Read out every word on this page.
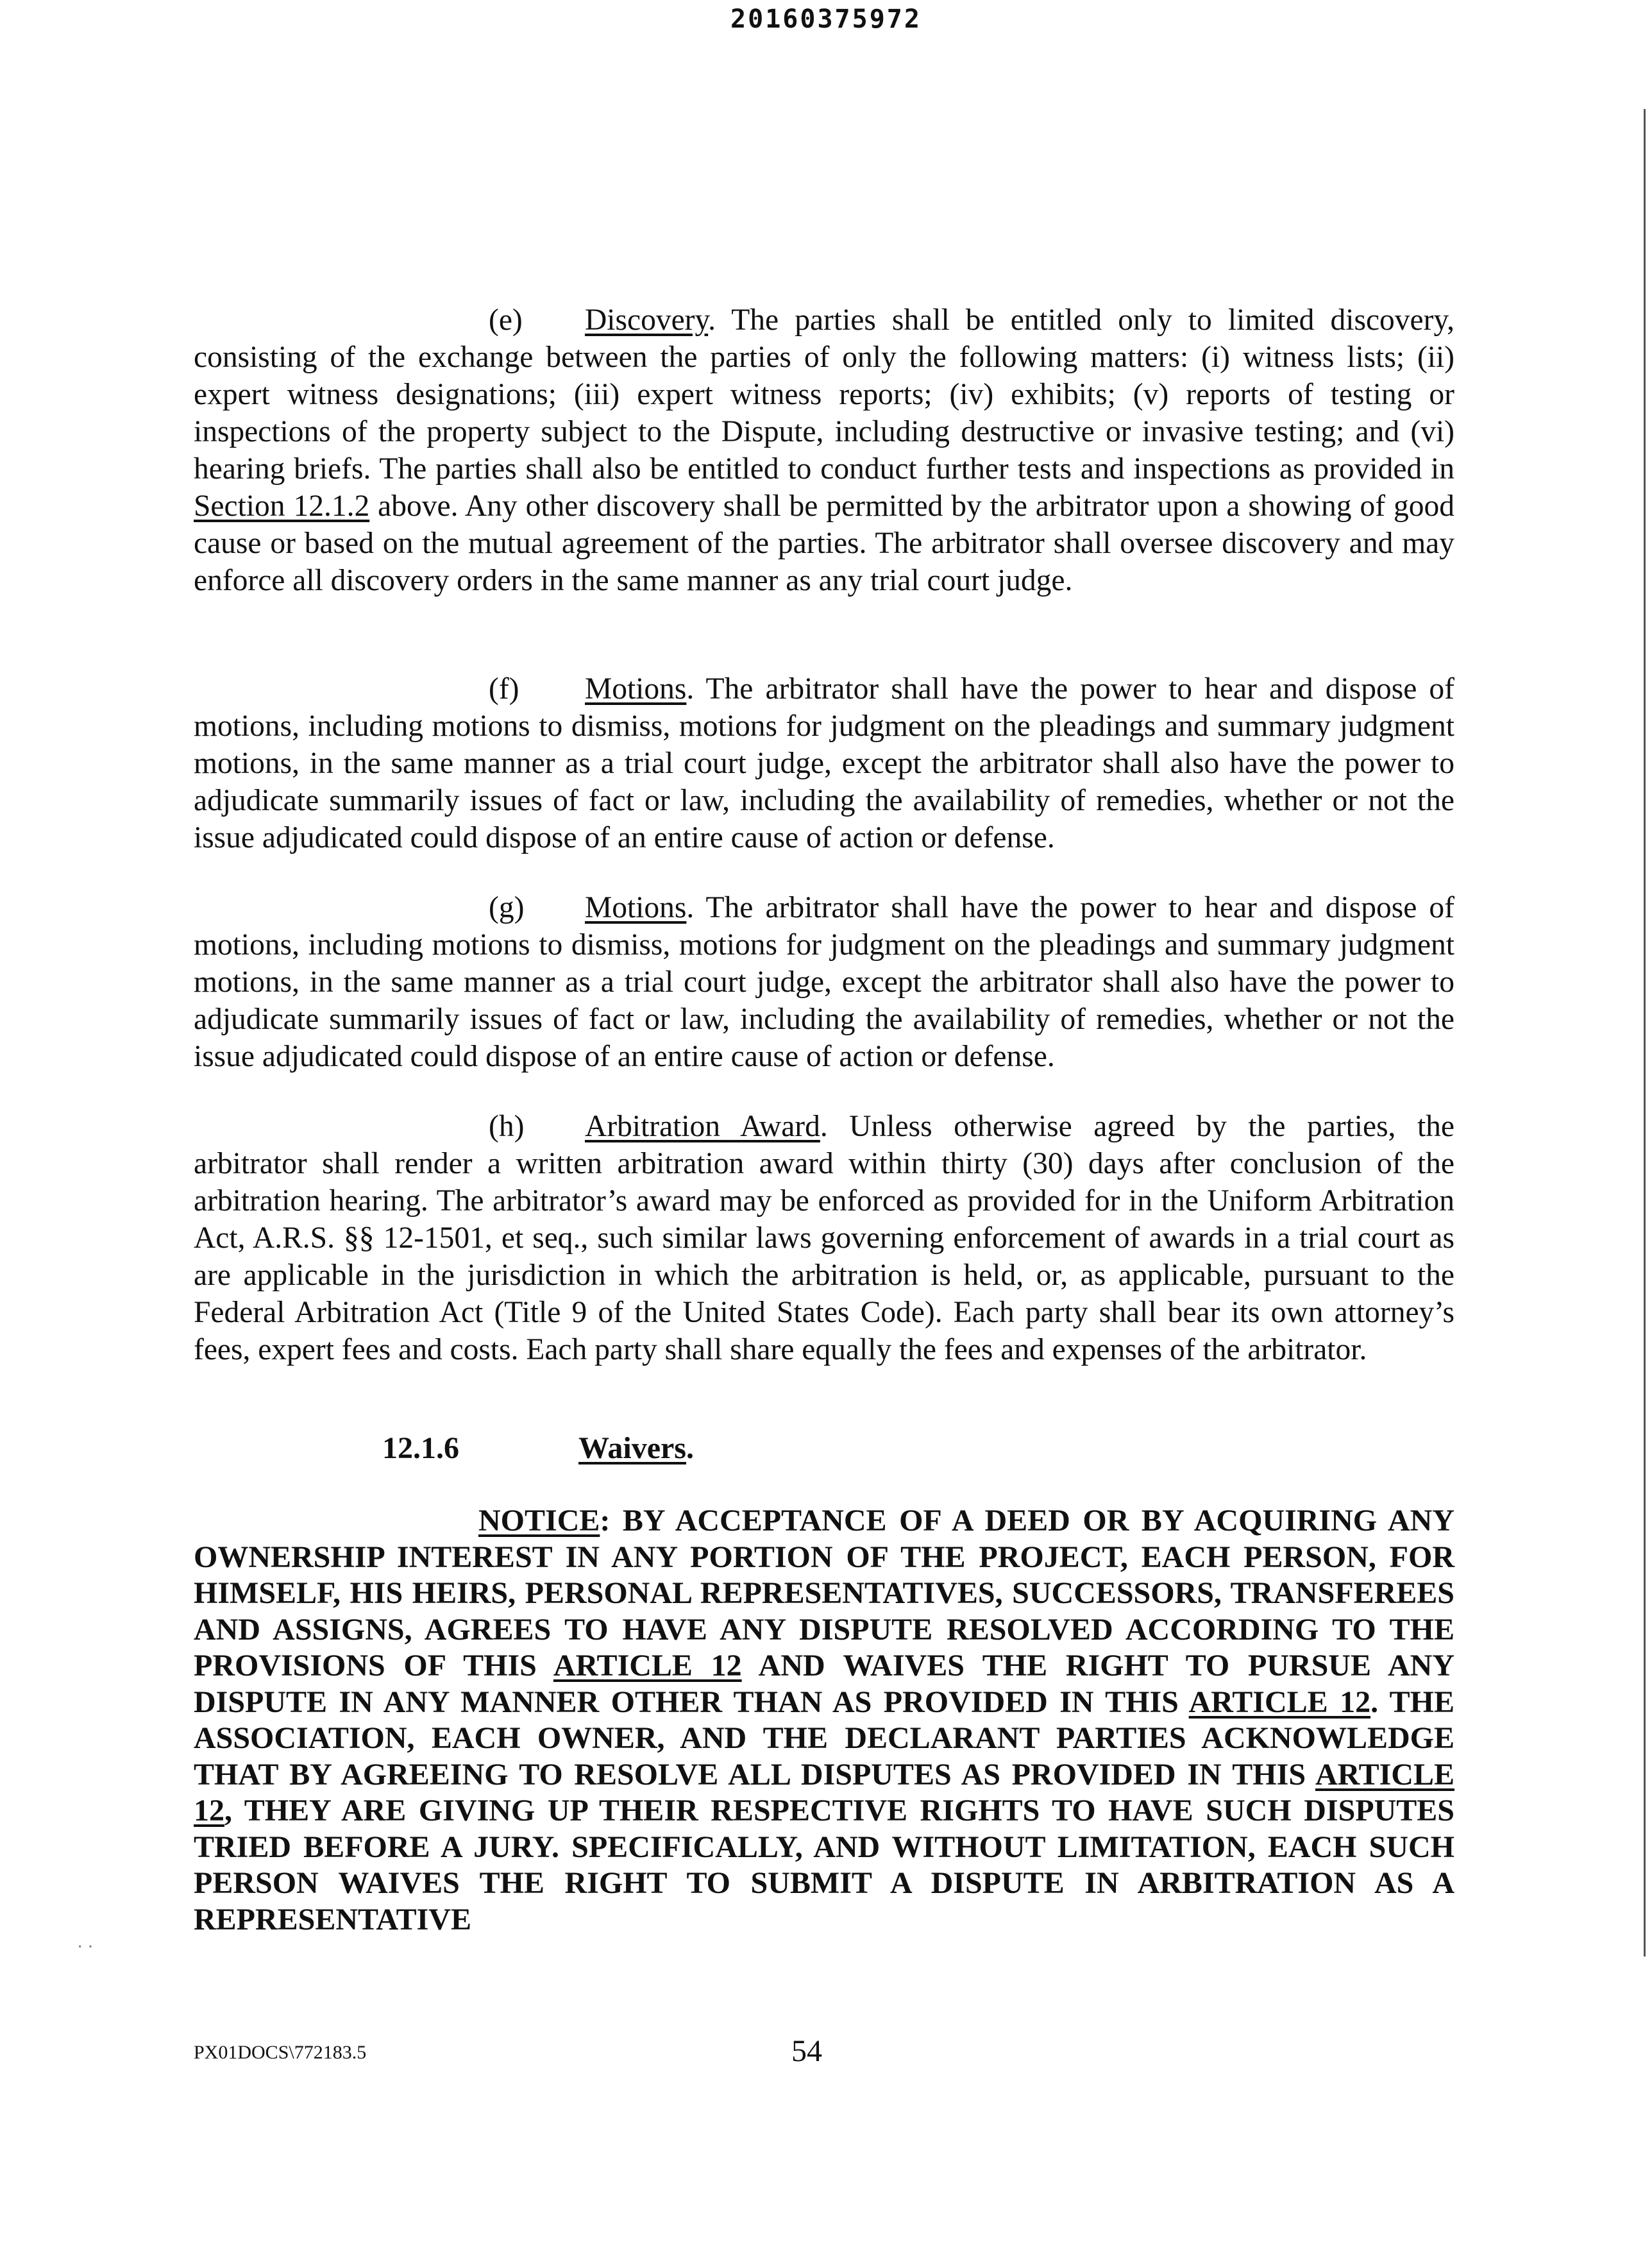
20160375972

(e) Discovery. The parties shall be entitled only to limited discovery, consisting of the exchange between the parties of only the following matters: (i) witness lists; (ii) expert witness designations; (iii) expert witness reports; (iv) exhibits; (v) reports of testing or inspections of the property subject to the Dispute, including destructive or invasive testing; and (vi) hearing briefs. The parties shall also be entitled to conduct further tests and inspections as provided in Section 12.1.2 above. Any other discovery shall be permitted by the arbitrator upon a showing of good cause or based on the mutual agreement of the parties. The arbitrator shall oversee discovery and may enforce all discovery orders in the same manner as any trial court judge.

(f) Motions. The arbitrator shall have the power to hear and dispose of motions, including motions to dismiss, motions for judgment on the pleadings and summary judgment motions, in the same manner as a trial court judge, except the arbitrator shall also have the power to adjudicate summarily issues of fact or law, including the availability of remedies, whether or not the issue adjudicated could dispose of an entire cause of action or defense.

(g) Motions. The arbitrator shall have the power to hear and dispose of motions, including motions to dismiss, motions for judgment on the pleadings and summary judgment motions, in the same manner as a trial court judge, except the arbitrator shall also have the power to adjudicate summarily issues of fact or law, including the availability of remedies, whether or not the issue adjudicated could dispose of an entire cause of action or defense.

(h) Arbitration Award. Unless otherwise agreed by the parties, the arbitrator shall render a written arbitration award within thirty (30) days after conclusion of the arbitration hearing. The arbitrator’s award may be enforced as provided for in the Uniform Arbitration Act, A.R.S. §§ 12-1501, et seq., such similar laws governing enforcement of awards in a trial court as are applicable in the jurisdiction in which the arbitration is held, or, as applicable, pursuant to the Federal Arbitration Act (Title 9 of the United States Code). Each party shall bear its own attorney’s fees, expert fees and costs. Each party shall share equally the fees and expenses of the arbitrator.

12.1.6	Waivers.

NOTICE: BY ACCEPTANCE OF A DEED OR BY ACQUIRING ANY OWNERSHIP INTEREST IN ANY PORTION OF THE PROJECT, EACH PERSON, FOR HIMSELF, HIS HEIRS, PERSONAL REPRESENTATIVES, SUCCESSORS, TRANSFEREES AND ASSIGNS, AGREES TO HAVE ANY DISPUTE RESOLVED ACCORDING TO THE PROVISIONS OF THIS ARTICLE 12 AND WAIVES THE RIGHT TO PURSUE ANY DISPUTE IN ANY MANNER OTHER THAN AS PROVIDED IN THIS ARTICLE 12. THE ASSOCIATION, EACH OWNER, AND THE DECLARANT PARTIES ACKNOWLEDGE THAT BY AGREEING TO RESOLVE ALL DISPUTES AS PROVIDED IN THIS ARTICLE 12, THEY ARE GIVING UP THEIR RESPECTIVE RIGHTS TO HAVE SUCH DISPUTES TRIED BEFORE A JURY. SPECIFICALLY, AND WITHOUT LIMITATION, EACH SUCH PERSON WAIVES THE RIGHT TO SUBMIT A DISPUTE IN ARBITRATION AS A REPRESENTATIVE

· ·
PX01DOCS\772183.5	54
